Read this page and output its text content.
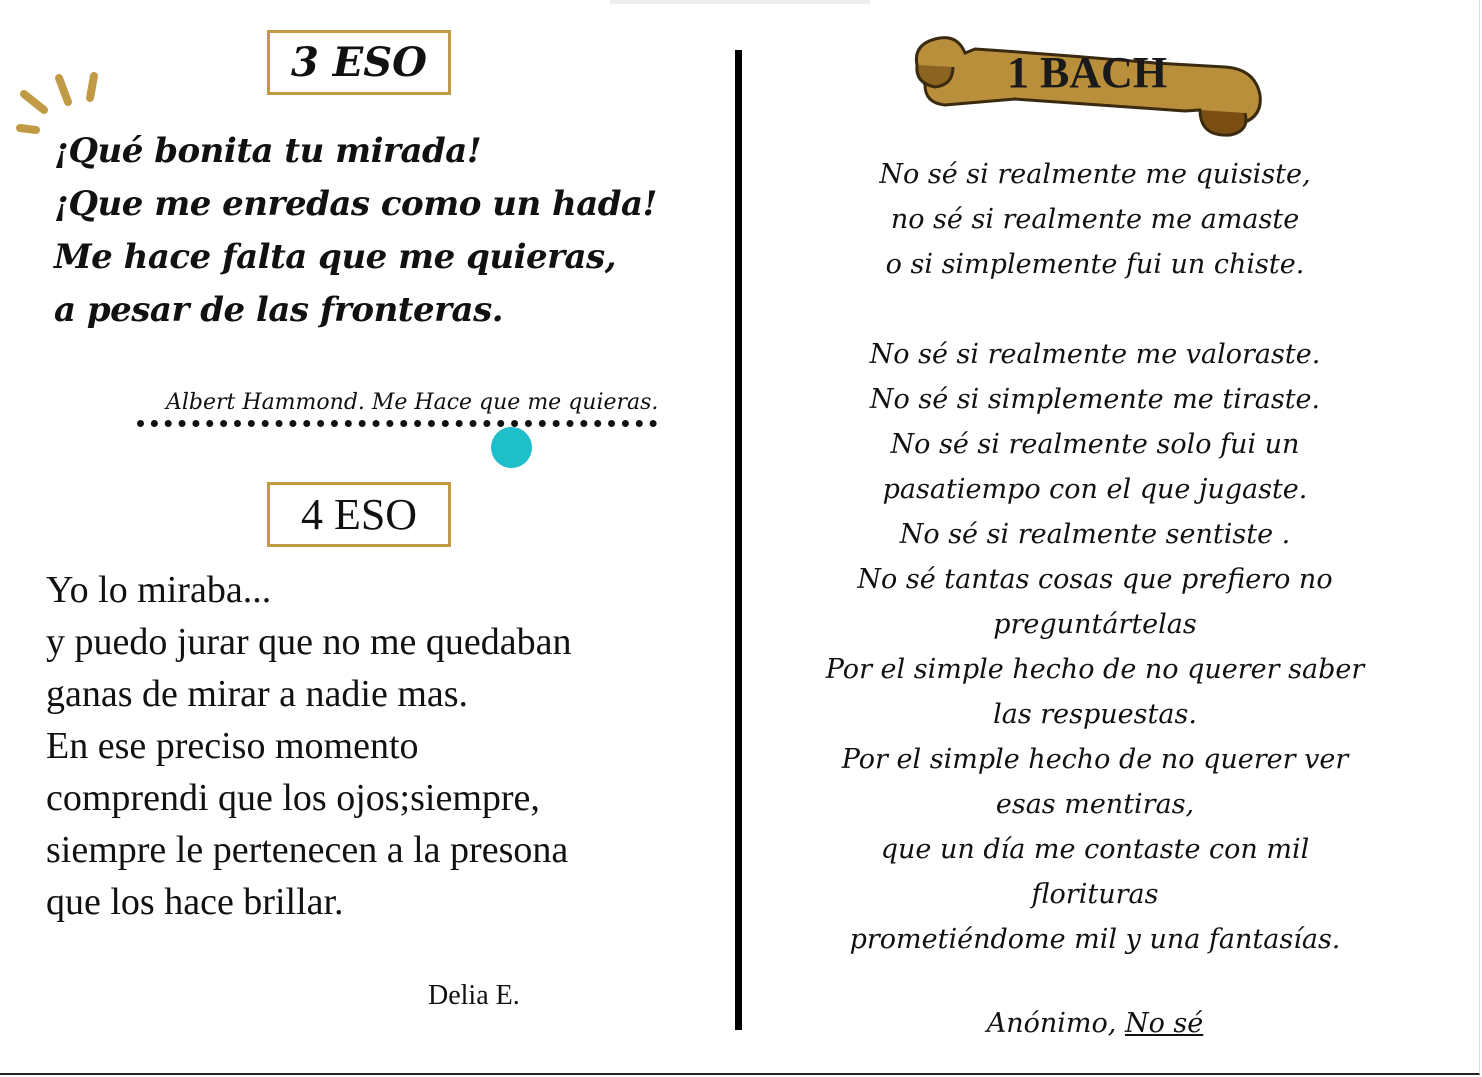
3 ESO
¡Qué bonita tu mirada!
¡Que me enredas como un hada!
Me hace falta que me quieras,
a pesar de las fronteras.
Albert Hammond. Me Hace que me quieras.
4 ESO
Yo lo miraba...
y puedo jurar que no me quedaban
ganas de mirar a nadie mas.
En ese preciso momento
comprendi que los ojos;siempre,
siempre le pertenecen a la presona
que los hace brillar.
Delia E.
1 BACH
No sé si realmente me quisiste,
no sé si realmente me amaste
o si simplemente fui un chiste.
No sé si realmente me valoraste.
No sé si simplemente me tiraste.
No sé si realmente solo fui un
pasatiempo con el que jugaste.
No sé si realmente sentiste .
No sé tantas cosas que prefiero no
preguntártelas
Por el simple hecho de no querer saber
las respuestas.
Por el simple hecho de no querer ver
esas mentiras,
que un día me contaste con mil
florituras
prometiéndome mil y una fantasías.
Anónimo, No sé
